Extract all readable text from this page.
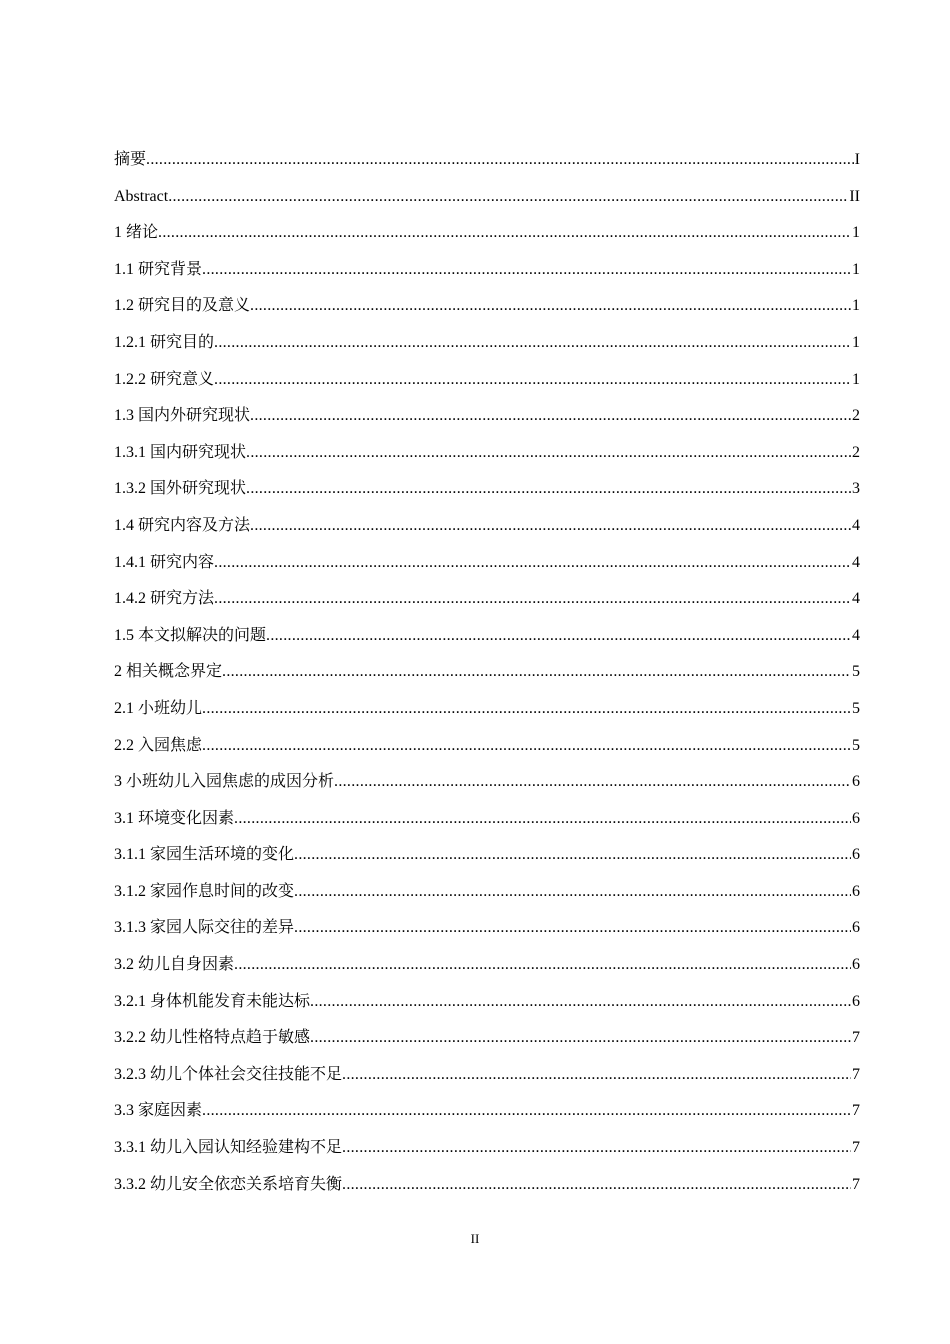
摘要 .....	I
Abstract .....	II
1 绪论 .....	1
1.1 研究背景 .....	1
1.2 研究目的及意义 .....	1
1.2.1 研究目的 .....	1
1.2.2 研究意义 .....	1
1.3 国内外研究现状 .....	2
1.3.1 国内研究现状 .....	2
1.3.2 国外研究现状 .....	3
1.4 研究内容及方法 .....	4
1.4.1 研究内容 .....	4
1.4.2 研究方法 .....	4
1.5 本文拟解决的问题 .....	4
2 相关概念界定 .....	5
2.1 小班幼儿 .....	5
2.2 入园焦虑 .....	5
3 小班幼儿入园焦虑的成因分析 .....	6
3.1 环境变化因素 .....	6
3.1.1 家园生活环境的变化 .....	6
3.1.2 家园作息时间的改变 .....	6
3.1.3 家园人际交往的差异 .....	6
3.2 幼儿自身因素 .....	6
3.2.1 身体机能发育未能达标 .....	6
3.2.2 幼儿性格特点趋于敏感 .....	7
3.2.3 幼儿个体社会交往技能不足 .....	7
3.3 家庭因素 .....	7
3.3.1 幼儿入园认知经验建构不足 .....	7
3.3.2 幼儿安全依恋关系培育失衡 .....	7
II
